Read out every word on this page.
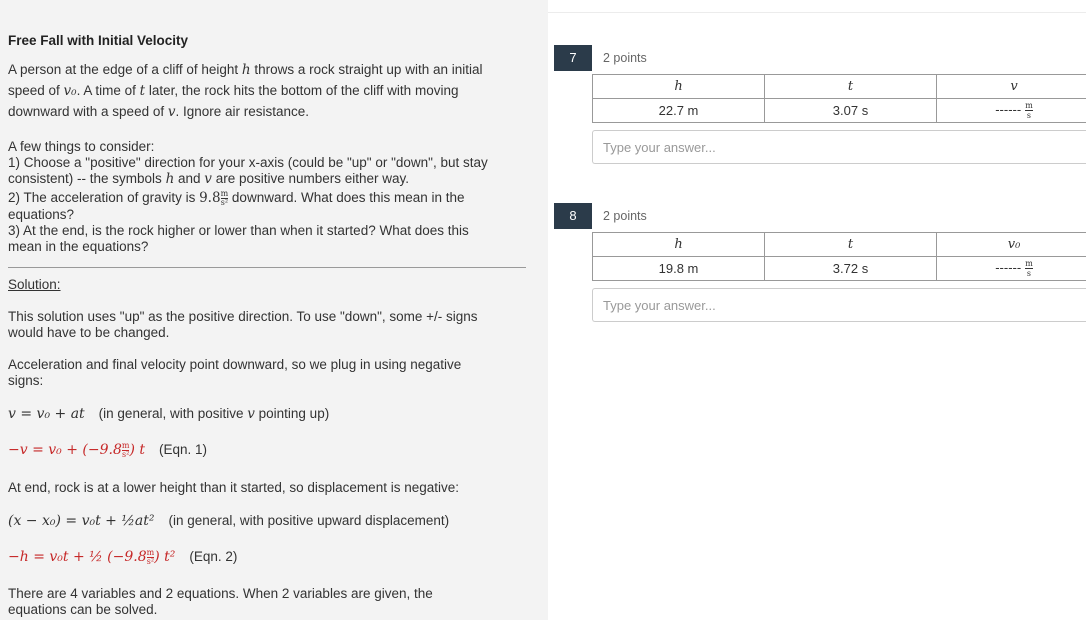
Free Fall with Initial Velocity
A person at the edge of a cliff of height h throws a rock straight up with an initial
speed of v₀. A time of t later, the rock hits the bottom of the cliff with moving
downward with a speed of v. Ignore air resistance.
A few things to consider:
1) Choose a "positive" direction for your x-axis (could be "up" or "down", but stay
consistent) -- the symbols h and v are positive numbers either way.
2) The acceleration of gravity is $9.8 \frac{m}{\text{s²}}$ downward. What does this mean in the
equations?
3) At the end, is the rock higher or lower than when it started? What does this
mean in the equations?
Solution:
This solution uses "up" as the positive direction. To use "down", some +/- signs
would have to be changed.
Acceleration and final velocity point downward, so we plug in using negative
signs:
v = v₀ + at (in general, with positive v pointing up)
$-v = v_0 + (-9.8 \frac{m}{\text{s²}}$ ) t (Eqn. 1)
At end, rock is at a lower height than it started, so displacement is negative:
(x − x₀) = v₀t + ½at² (in general, with positive upward displacement)
−h = v₀t + ½ ($-9.8 \frac{m}{\text{s²}}$ ) t² (Eqn. 2)
There are 4 variables and 2 equations. When 2 variables are given, the
equations can be solved.
7	2 points
h	t	v
22.7 m	3.07 s	------ $\frac{m}{s}$
Type your answer...
8	2 points
h	t	v₀
19.8 m	3.72 s	------ $\frac{m}{s}$
Type your answer...
